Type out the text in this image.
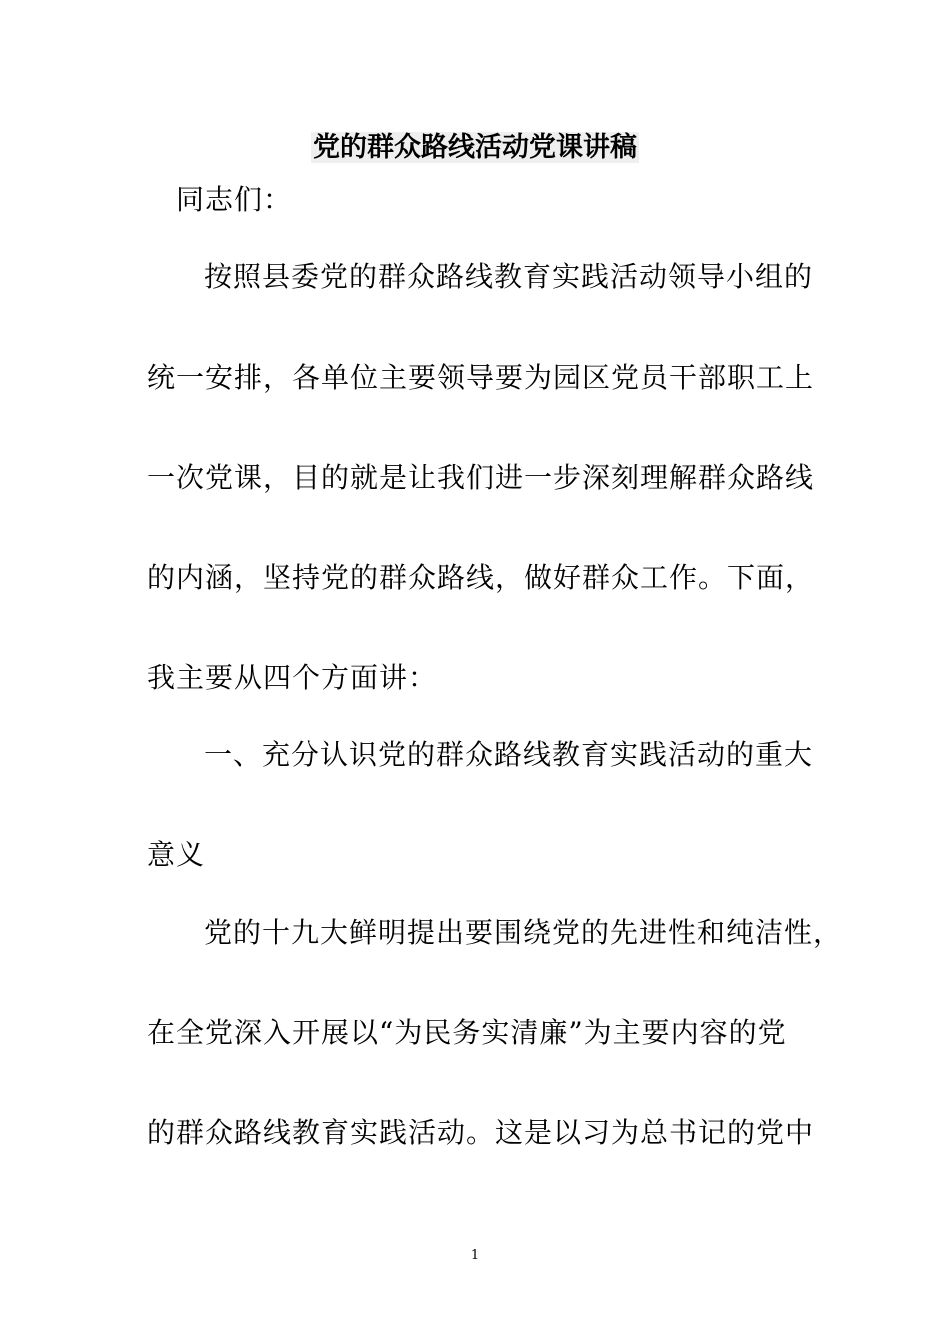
党的群众路线活动党课讲稿
同志们：
按照县委党的群众路线教育实践活动领导小组的
统一安排，各单位主要领导要为园区党员干部职工上
一次党课，目的就是让我们进一步深刻理解群众路线
的内涵，坚持党的群众路线，做好群众工作。下面，
我主要从四个方面讲：
一、充分认识党的群众路线教育实践活动的重大
意义
党的十九大鲜明提出要围绕党的先进性和纯洁性，
在全党深入开展以“为民务实清廉”为主要内容的党
的群众路线教育实践活动。这是以习为总书记的党中
1
